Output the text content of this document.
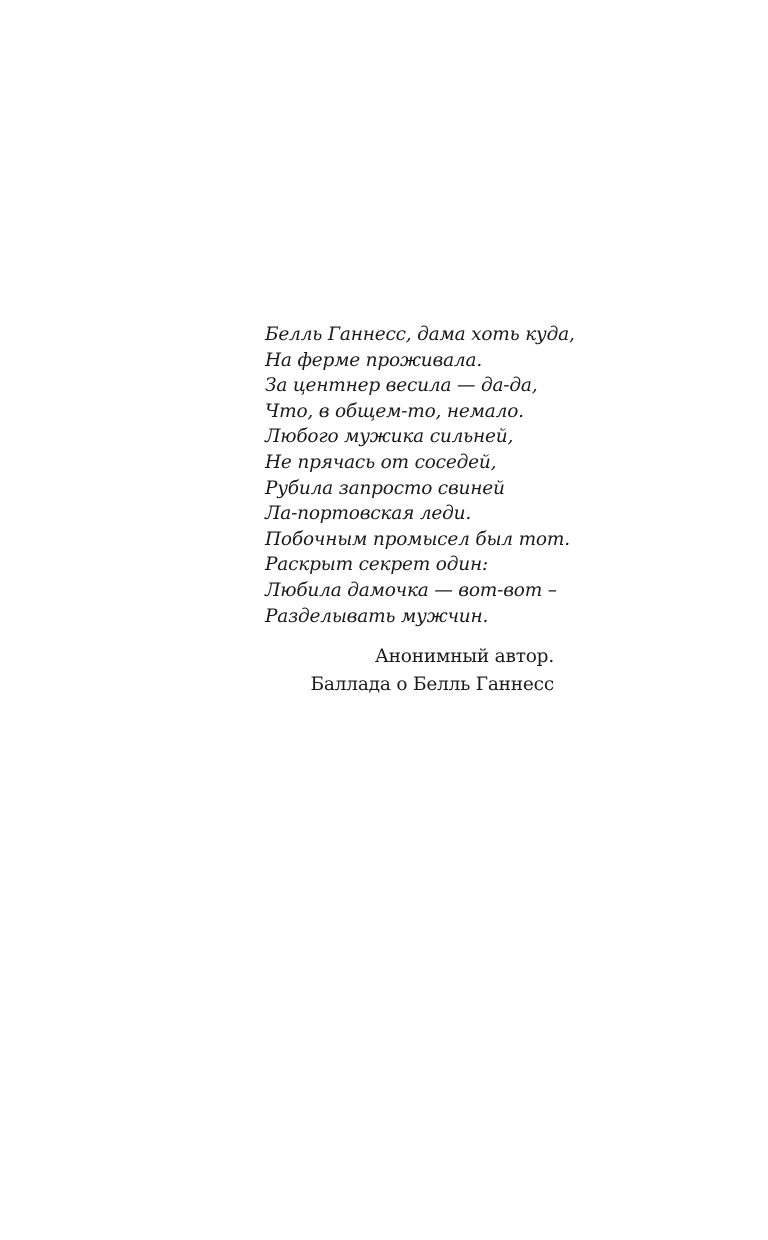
Белль Ганнесс, дама хоть куда,
На ферме проживала.
За центнер весила — да-да,
Что, в общем-то, немало.
Любого мужика сильней,
Не прячась от соседей,
Рубила запросто свиней
Ла-портовская леди.
Побочным промысел был тот.
Раскрыт секрет один:
Любила дамочка — вот-вот –
Разделывать мужчин.
Анонимный автор.
Баллада о Белль Ганнесс
